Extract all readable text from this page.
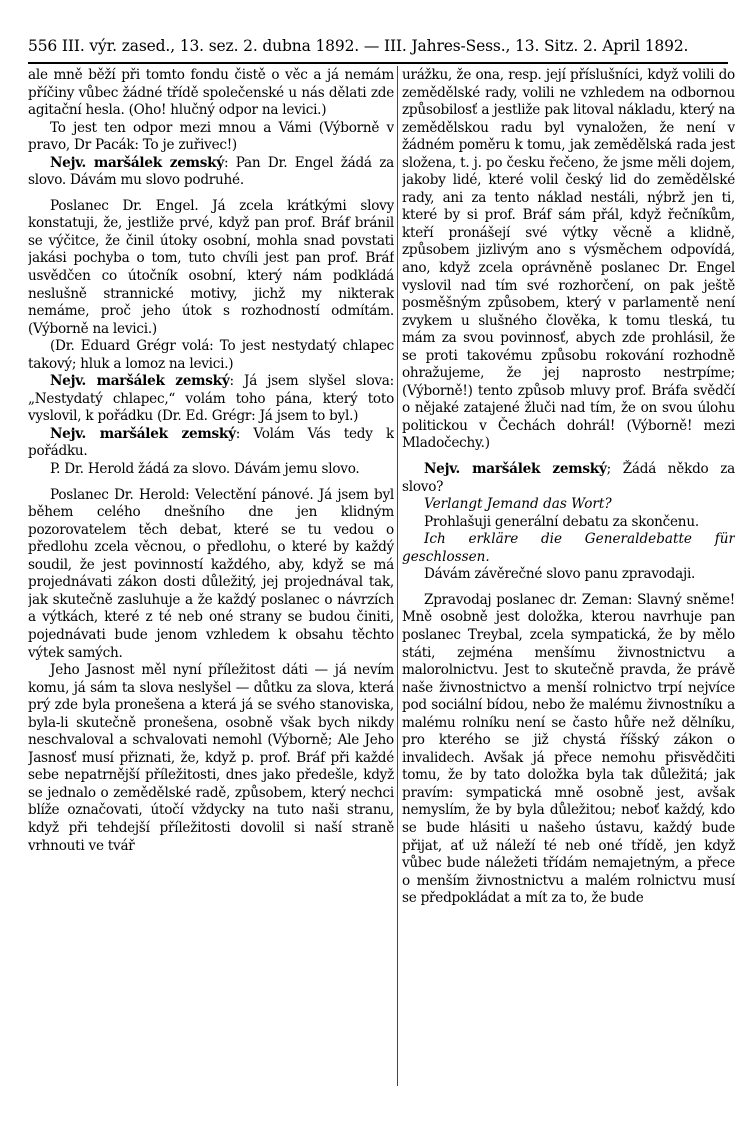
556 III. výr. zased., 13. sez. 2. dubna 1892. — III. Jahres-Sess., 13. Sitz. 2. April 1892.

ale mně běží při tomto fondu čistě o věc a já nemám příčiny vůbec žádné třídě společenské u nás dělati zde agitační hesla. (Oho! hlučný odpor na levici.)

To jest ten odpor mezi mnou a Vámi (Výborně v pravo, Dr Pacák: To je zuřivec!)

Nejv. maršálek zemský: Pan Dr. Engel žádá za slovo. Dávám mu slovo podruhé.

Poslanec Dr. Engel. Já zcela krátkými slovy konstatuji, že, jestliže prvé, když pan prof. Bráf bránil se výčitce, že činil útoky osobní, mohla snad povstati jakási pochyba o tom, tuto chvíli jest pan prof. Bráf usvědčen co útočník osobní, který nám podkládá neslušně strannické motivy, jichž my nikterak nemáme, proč jeho útok s rozhodností odmítám. (Výborně na levici.)

(Dr. Eduard Grégr volá: To jest nestydatý chlapec takový; hluk a lomoz na levici.)

Nejv. maršálek zemský: Já jsem slyšel slova: „Nestydatý chlapec,“ volám toho pána, který toto vyslovil, k pořádku (Dr. Ed. Grégr: Já jsem to byl.)

Nejv. maršálek zemský: Volám Vás tedy k pořádku.

P. Dr. Herold žádá za slovo. Dávám jemu slovo.

Poslanec Dr. Herold: Velectění pánové. Já jsem byl během celého dnešního dne jen klidným pozorovatelem těch debat, které se tu vedou o předlohu zcela věcnou, o předlohu, o které by každý soudil, že jest povinností každého, aby, když se má projednávati zákon dosti důležitý, jej projednával tak, jak skutečně zasluhuje a že každý poslanec o návrzích a výtkách, které z té neb oné strany se budou činiti, pojednávati bude jenom vzhledem k obsahu těchto výtek samých.

Jeho Jasnost měl nyní příležitost dáti — já nevím komu, já sám ta slova neslyšel — důtku za slova, která prý zde byla pronešena a která já se svého stanoviska, byla-li skutečně pronešena, osobně však bych nikdy neschvaloval a schvalovati nemohl (Výborně; Ale Jeho Jasnosť musí přiznati, že, když p. prof. Bráf při každé sebe nepatrnější příležitosti, dnes jako předešle, když se jednalo o zemědělské radě, způsobem, který nechci blíže označovati, útočí vždycky na tuto naši stranu, když při tehdejší příležitosti dovolil si naší straně vrhnouti ve tvář

urážku, že ona, resp. její příslušníci, když volili do zemědělské rady, volili ne vzhledem na odbornou způsobilosť a jestliže pak litoval nákladu, který na zemědělskou radu byl vynaložen, že není v žádném poměru k tomu, jak zemědělská rada jest složena, t. j. po česku řečeno, že jsme měli dojem, jakoby lidé, které volil český lid do zemědělské rady, ani za tento náklad nestáli, nýbrž jen ti, které by si prof. Bráf sám přál, když řečníkům, kteří pronášejí své výtky věcně a klidně, způsobem jizlivým ano s výsměchem odpovídá, ano, když zcela oprávněně poslanec Dr. Engel vyslovil nad tím své rozhorčení, on pak ještě posměšným způsobem, který v parlamentě není zvykem u slušného člověka, k tomu tleská, tu mám za svou povinnosť, abych zde prohlásil, že se proti takovému způsobu rokování rozhodně ohražujeme, že jej naprosto nestrpíme; (Výborně!) tento způsob mluvy prof. Bráfa svědčí o nějaké zatajené žluči nad tím, že on svou úlohu politickou v Čechách dohrál! (Výborně! mezi Mladočechy.)

Nejv. maršálek zemský; Žádá někdo za slovo?

Verlangt Jemand das Wort?

Prohlašuji generální debatu za skončenu.

Ich erkläre die Generaldebatte für geschlossen.

Dávám závěrečné slovo panu zpravodaji.

Zpravodaj poslanec dr. Zeman: Slavný sněme! Mně osobně jest doložka, kterou navrhuje pan poslanec Treybal, zcela sympatická, že by mělo státi, zejména menšímu živnostnictvu a malorolnictvu. Jest to skutečně pravda, že právě naše živnostnictvo a menší rolnictvo trpí nejvíce pod sociální bídou, nebo že malému živnostníku a malému rolníku není se často hůře než dělníku, pro kterého se již chystá říšský zákon o invalidech. Avšak já přece nemohu přisvědčiti tomu, že by tato doložka byla tak důležitá; jak pravím: sympatická mně osobně jest, avšak nemyslím, že by byla důležitou; neboť každý, kdo se bude hlásiti u našeho ústavu, každý bude přijat, ať už náleží té neb oné třídě, jen když vůbec bude náležeti třídám nemajetným, a přece o menším živnostnictvu a malém rolnictvu musí se předpokládat a mít za to, že bude
